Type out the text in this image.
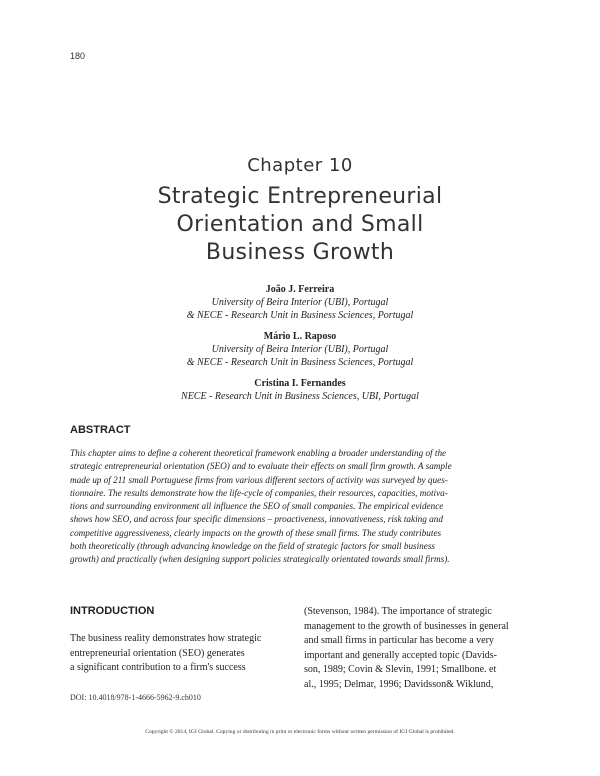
180
Chapter 10
Strategic Entrepreneurial
Orientation and Small
Business Growth
João J. Ferreira
University of Beira Interior (UBI), Portugal
& NECE - Research Unit in Business Sciences, Portugal
Mário L. Raposo
University of Beira Interior (UBI), Portugal
& NECE - Research Unit in Business Sciences, Portugal
Cristina I. Fernandes
NECE - Research Unit in Business Sciences, UBI, Portugal
ABSTRACT
This chapter aims to define a coherent theoretical framework enabling a broader understanding of the
strategic entrepreneurial orientation (SEO) and to evaluate their effects on small firm growth. A sample
made up of 211 small Portuguese firms from various different sectors of activity was surveyed by ques-
tionnaire. The results demonstrate how the life-cycle of companies, their resources, capacities, motiva-
tions and surrounding environment all influence the SEO of small companies. The empirical evidence
shows how SEO, and across four specific dimensions – proactiveness, innovativeness, risk taking and
competitive aggressiveness, clearly impacts on the growth of these small firms. The study contributes
both theoretically (through advancing knowledge on the field of strategic factors for small business
growth) and practically (when designing support policies strategically orientated towards small firms).
INTRODUCTION
The business reality demonstrates how strategic
entrepreneurial orientation (SEO) generates
a significant contribution to a firm's success
(Stevenson, 1984). The importance of strategic
management to the growth of businesses in general
and small firms in particular has become a very
important and generally accepted topic (Davids-
son, 1989; Covin & Slevin, 1991; Smallbone. et
al., 1995; Delmar, 1996; Davidsson& Wiklund,
DOI: 10.4018/978-1-4666-5962-9.ch010
Copyright © 2014, IGI Global. Copying or distributing in print or electronic forms without written permission of IGI Global is prohibited.
